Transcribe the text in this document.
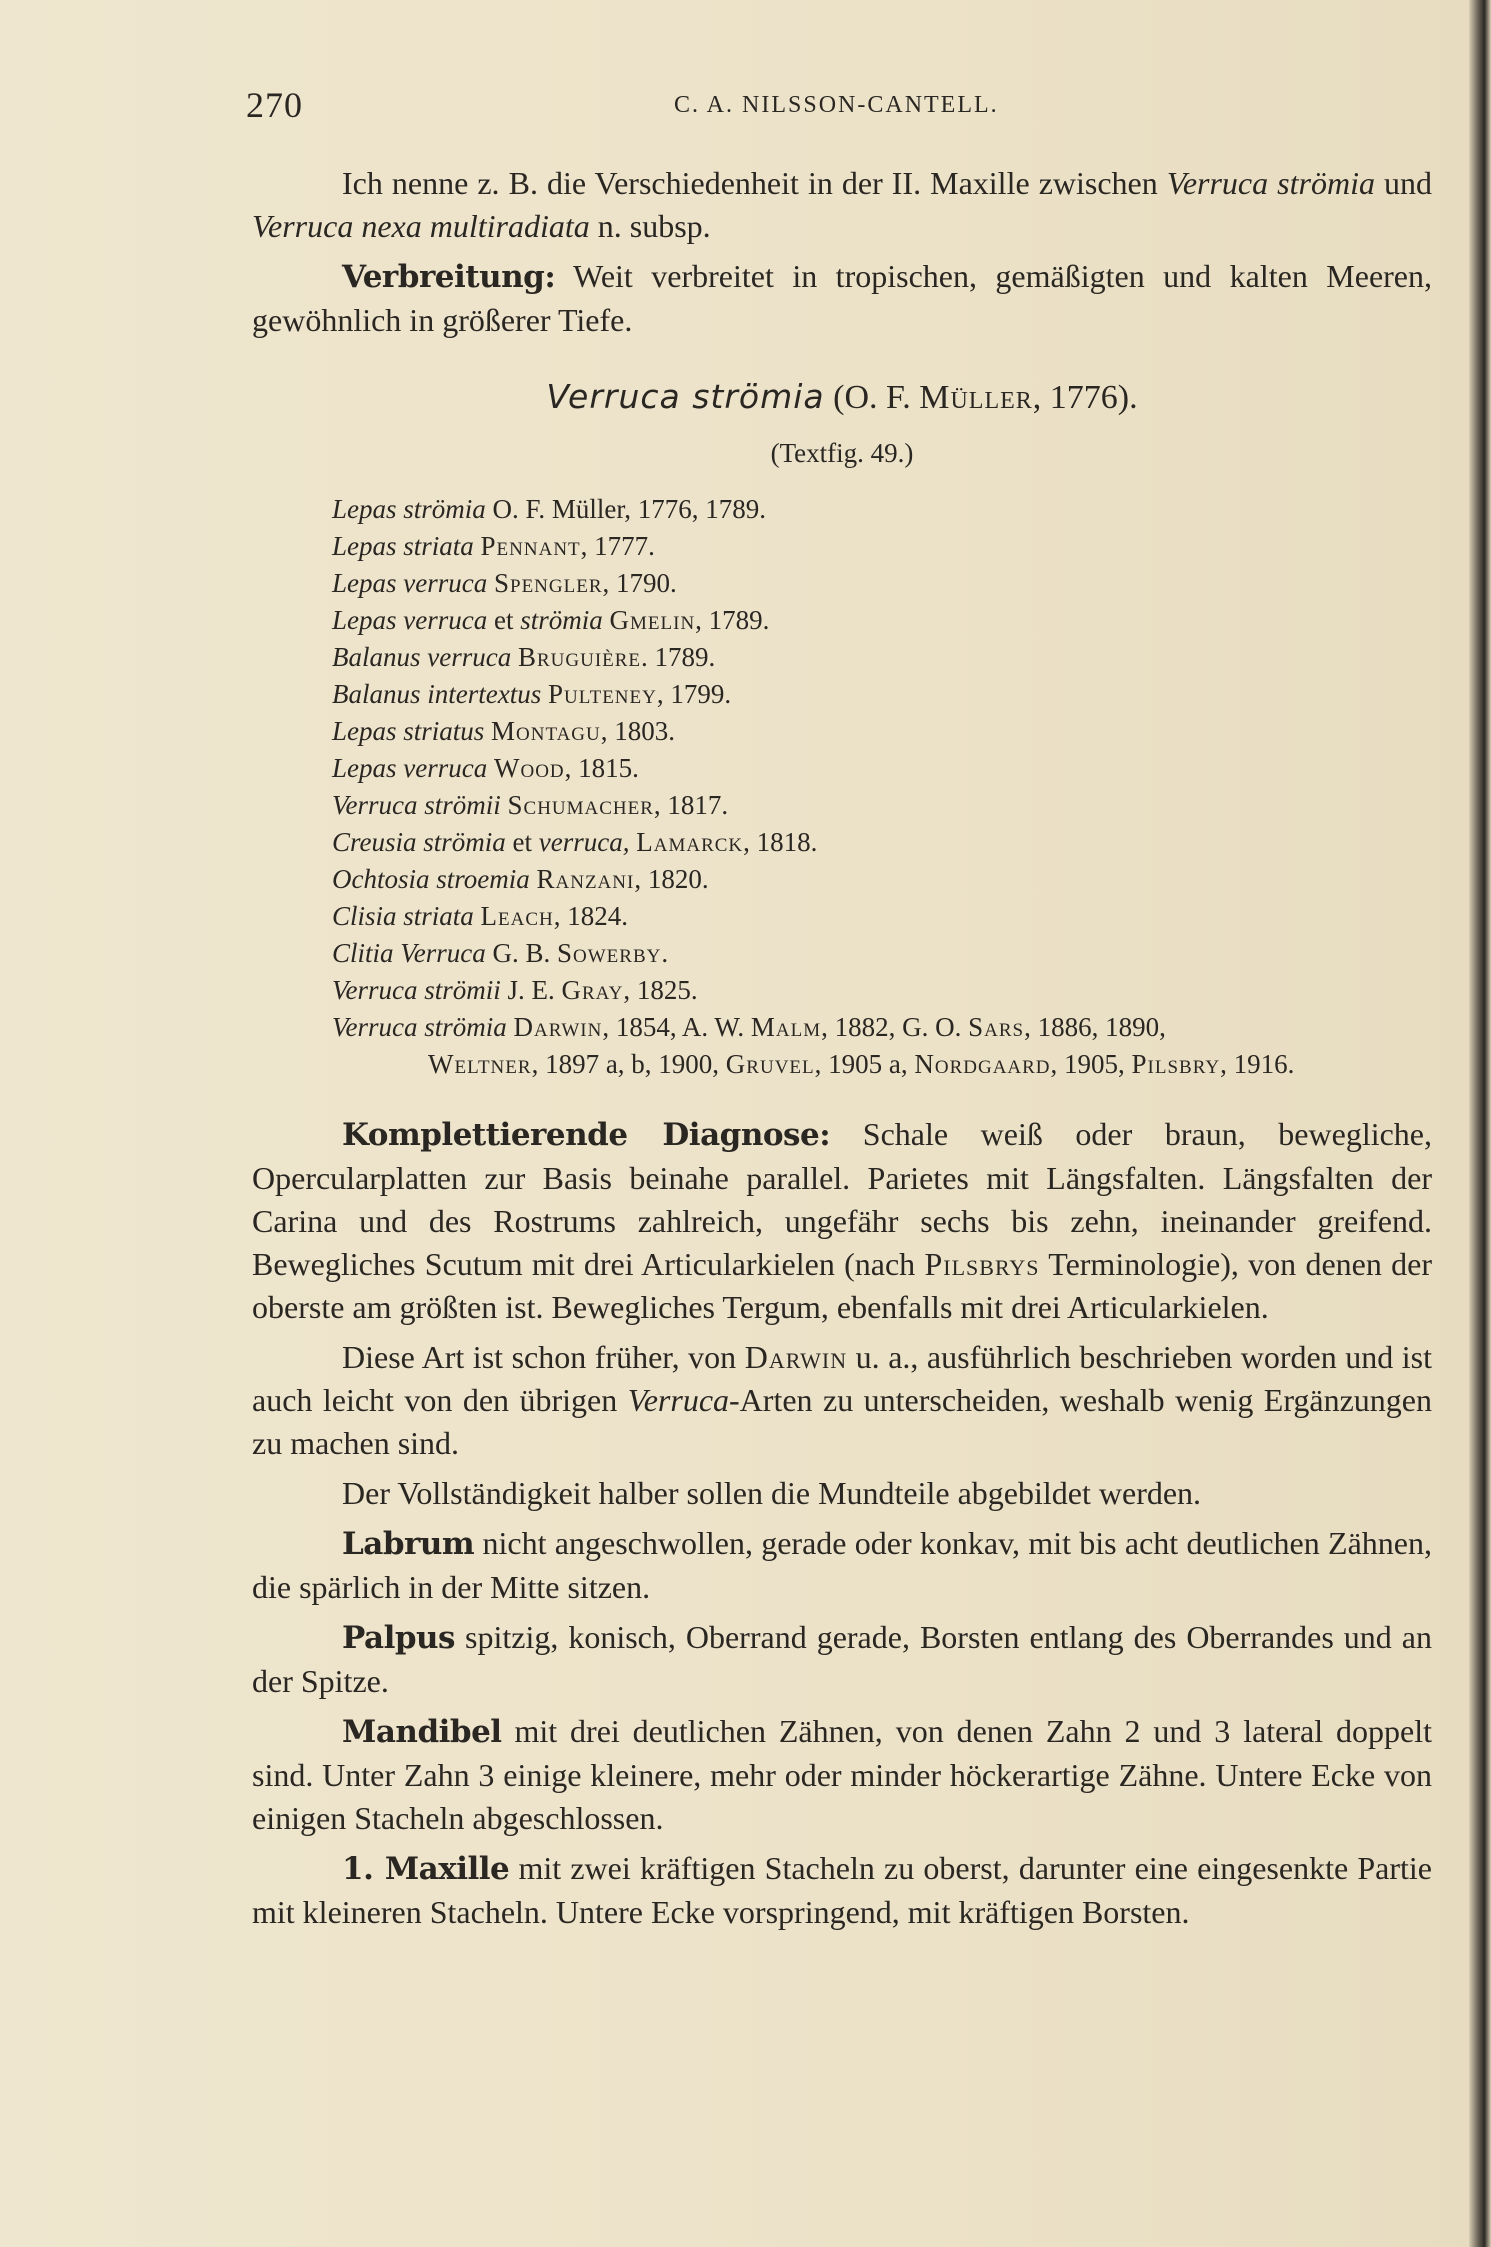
270	C. A. NILSSON-CANTELL.

Ich nenne z. B. die Verschiedenheit in der II. Maxille zwischen Verruca strömia und Verruca nexa multiradiata n. subsp.

Verbreitung: Weit verbreitet in tropischen, gemäßigten und kalten Meeren, gewöhnlich in größerer Tiefe.

Verruca strömia (O. F. Müller, 1776).

(Textfig. 49.)

Lepas strömia O. F. Müller, 1776, 1789.
Lepas striata Pennant, 1777.
Lepas verruca Spengler, 1790.
Lepas verruca et strömia Gmelin, 1789.
Balanus verruca Bruguière. 1789.
Balanus intertextus Pulteney, 1799.
Lepas striatus Montagu, 1803.
Lepas verruca Wood, 1815.
Verruca strömii Schumacher, 1817.
Creusia strömia et verruca, Lamarck, 1818.
Ochtosia stroemia Ranzani, 1820.
Clisia striata Leach, 1824.
Clitia Verruca G. B. Sowerby.
Verruca strömii J. E. Gray, 1825.
Verruca strömia Darwin, 1854, A. W. Malm, 1882, G. O. Sars, 1886, 1890,
Weltner, 1897 a, b, 1900, Gruvel, 1905 a, Nordgaard, 1905, Pilsbry, 1916.

Komplettierende Diagnose: Schale weiß oder braun, bewegliche, Opercularplatten zur Basis beinahe parallel. Parietes mit Längsfalten. Längsfalten der Carina und des Rostrums zahlreich, ungefähr sechs bis zehn, ineinander greifend. Bewegliches Scutum mit drei Articularkielen (nach Pilsbrys Terminologie), von denen der oberste am größten ist. Bewegliches Tergum, ebenfalls mit drei Articularkielen.

Diese Art ist schon früher, von Darwin u. a., ausführlich beschrieben worden und ist auch leicht von den übrigen Verruca-Arten zu unterscheiden, weshalb wenig Ergänzungen zu machen sind.

Der Vollständigkeit halber sollen die Mundteile abgebildet werden.

Labrum nicht angeschwollen, gerade oder konkav, mit bis acht deutlichen Zähnen, die spärlich in der Mitte sitzen.

Palpus spitzig, konisch, Oberrand gerade, Borsten entlang des Oberrandes und an der Spitze.

Mandibel mit drei deutlichen Zähnen, von denen Zahn 2 und 3 lateral doppelt sind. Unter Zahn 3 einige kleinere, mehr oder minder höckerartige Zähne. Untere Ecke von einigen Stacheln abgeschlossen.

1. Maxille mit zwei kräftigen Stacheln zu oberst, darunter eine eingesenkte Partie mit kleineren Stacheln. Untere Ecke vorspringend, mit kräftigen Borsten.
